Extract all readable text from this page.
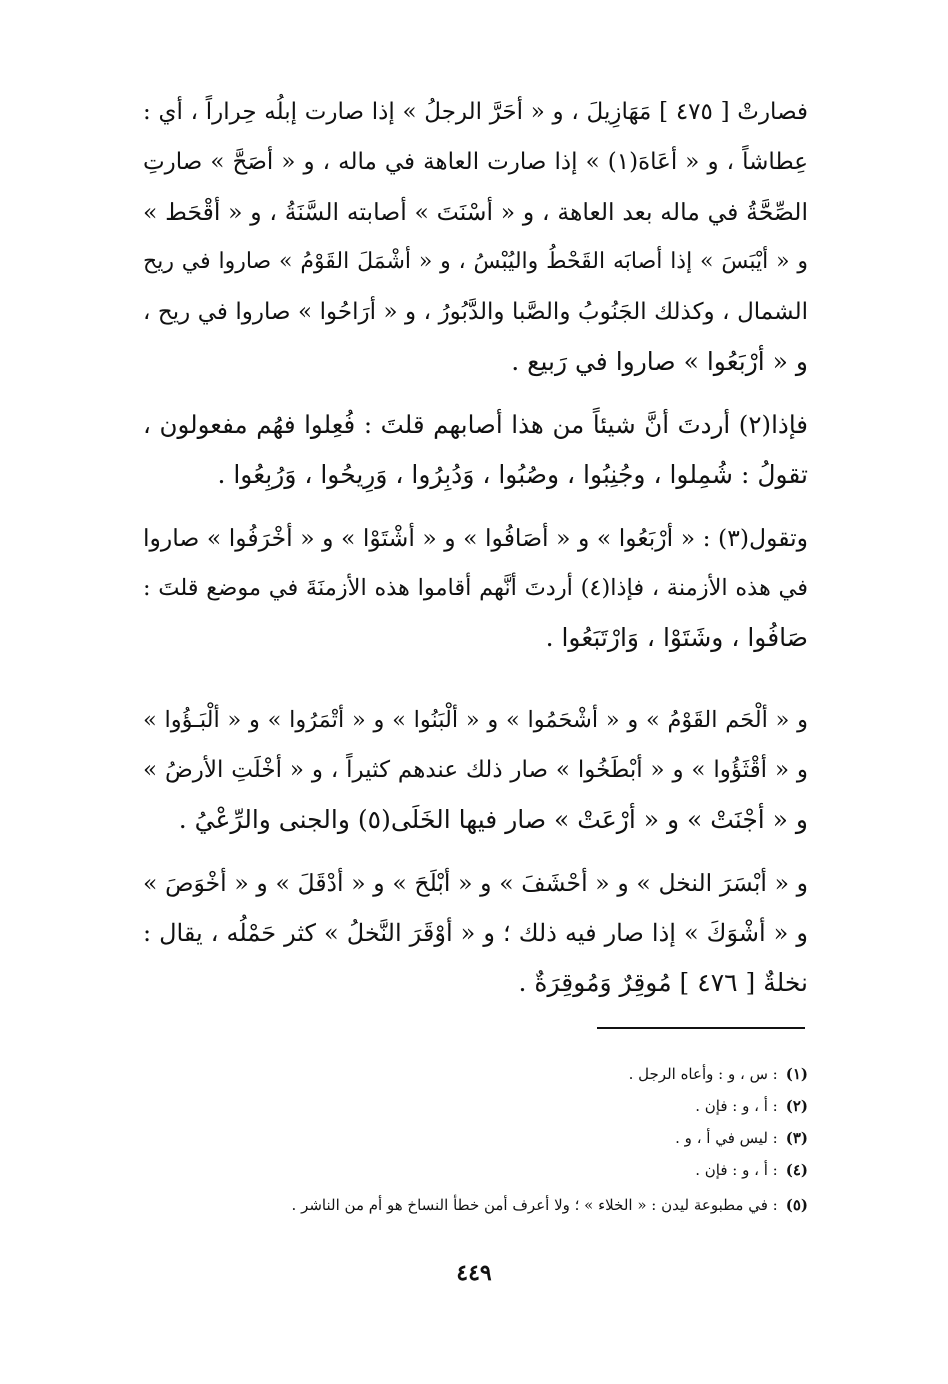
فصارتْ [ ٤٧٥ ] مَهَازِيلَ ، و « أحَرَّ الرجلُ » إذا صارت إبلُه حِراراً ، أي :
عِطاشاً ، و « أعَاهَ(١) » إذا صارت العاهة في ماله ، و « أصَحَّ » صارتِ
الصِّحَّةُ في ماله بعد العاهة ، و « أسْنَتَ » أصابته السَّنَةُ ، و « أقْحَط »
و « أيْبَسَ » إذا أصابَه القَحْطُ واليُبْسُ ، و « أشْمَلَ القَوْمُ » صاروا في ريح
الشمال ، وكذلك الجَنُوبُ والصَّبا والدَّبُورُ ، و « أرَاحُوا » صاروا في ريح ،
و « أرْبَعُوا » صاروا في رَبيع .
فإذا(٢) أردتَ أنَّ شيئاً من هذا أصابهم قلتَ : فُعِلوا فهُم مفعولون ،
تقولُ : شُمِلوا ، وجُنِبُوا ، وصُبُوا ، وَدُبِرُوا ، وَرِيحُوا ، وَرُبِعُوا .
وتقول(٣) : « أرْبَعُوا » و « أصَافُوا » و « أشْتَوْا » و « أخْرَفُوا » صاروا
في هذه الأزمنة ، فإذا(٤) أردتَ أنَّهم أقاموا هذه الأزمنَةَ في موضع قلتَ :
صَافُوا ، وشَتَوْا ، وَارْتَبَعُوا .
و « ألْحَم القَوْمُ » و « أشْحَمُوا » و « ألْبَنُوا » و « أتْمَرُوا » و « ألْبَـؤُوا »
و « أقْثَؤُوا » و « أبْطَخُوا » صار ذلك عندهم كثيراً ، و « أخْلَتِ الأرضُ »
و « أجْنَتْ » و « أرْعَتْ » صار فيها الخَلَى(٥) والجنى والرِّعْيُ .
و « أبْسَرَ النخل » و « أحْشَفَ » و « أبْلَحَ » و « أدْقَلَ » و « أخْوَصَ »
و « أشْوَكَ » إذا صار فيه ذلك ؛ و « أوْقَرَ النَّخلُ » كثر حَمْلُه ، يقال :
نخلةٌ [ ٤٧٦ ] مُوقِرٌ وَمُوقِرَةٌ .
(١): س ، و : وأعاه الرجل .
(٢): أ ، و : فإن .
(٣): ليس في أ ، و .
(٤): أ ، و : فإن .
(٥): في مطبوعة ليدن : « الخلاء » ؛ ولا أعرف أمن خطأ النساخ هو أم من الناشر .
٤٤٩
